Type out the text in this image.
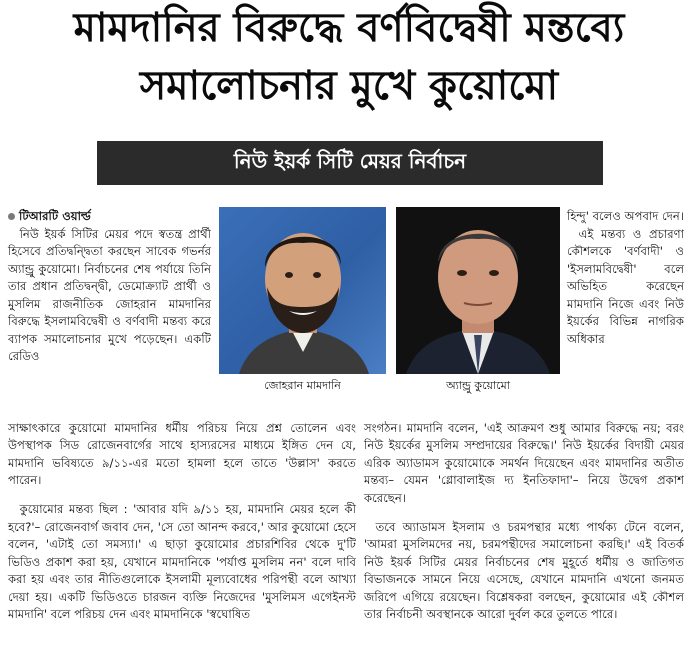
মামদানির বিরুদ্ধে বর্ণবিদ্বেষী মন্তব্যে
সমালোচনার মুখে কুয়োমো
নিউ ইয়র্ক সিটি মেয়র নির্বাচন

টিআরটি ওয়ার্ল্ড

নিউ ইয়র্ক সিটির মেয়র পদে স্বতন্ত্র প্রার্থী হিসেবে প্রতিদ্বন্দ্বিতা করছেন সাবেক গভর্নর অ্যান্ড্রু কুয়োমো। নির্বাচনের শেষ পর্যায়ে তিনি তার প্রধান প্রতিদ্বন্দ্বী, ডেমোক্র্যাট প্রার্থী ও মুসলিম রাজনীতিক জোহরান মামদানির বিরুদ্ধে ইসলামবিদ্বেষী ও বর্ণবাদী মন্তব্য করে ব্যাপক সমালোচনার মুখে পড়েছেন। একটি রেডিও

জোহরান মামদানি	অ্যান্ড্রু কুয়োমো

হিন্দু' বলেও অপবাদ দেন।

এই মন্তব্য ও প্রচারণা কৌশলকে 'বর্ণবাদী' ও 'ইসলামবিদ্বেষী' বলে অভিহিত করেছেন মামদানি নিজে এবং নিউ ইয়র্কের বিভিন্ন নাগরিক অধিকার

সাক্ষাৎকারে কুয়োমো মামদানির ধর্মীয় পরিচয় নিয়ে প্রশ্ন তোলেন এবং উপস্থাপক সিড রোজেনবার্গের সাথে হাস্যরসের মাধ্যমে ইঙ্গিত দেন যে, মামদানি ভবিষ্যতে ৯/১১-এর মতো হামলা হলে তাতে 'উল্লাস' করতে পারেন।

কুয়োমোর মন্তব্য ছিল : 'আবার যদি ৯/১১ হয়, মামদানি মেয়র হলে কী হবে?'– রোজেনবার্গ জবাব দেন, 'সে তো আনন্দ করবে,' আর কুয়োমো হেসে বলেন, 'এটাই তো সমস্যা।' এ ছাড়া কুয়োমোর প্রচারশিবির থেকে দু'টি ভিডিও প্রকাশ করা হয়, যেখানে মামদানিকে 'পর্যাপ্ত মুসলিম নন' বলে দাবি করা হয় এবং তার নীতিগুলোকে ইসলামী মূল্যবোধের পরিপন্থী বলে আখ্যা দেয়া হয়। একটি ভিডিওতে চারজন ব্যক্তি নিজেদের 'মুসলিমস এগেইনস্ট মামদানি' বলে পরিচয় দেন এবং মামদানিকে 'স্বঘোষিত

সংগঠন। মামদানি বলেন, 'এই আক্রমণ শুধু আমার বিরুদ্ধে নয়; বরং নিউ ইয়র্কের মুসলিম সম্প্রদায়ের বিরুদ্ধে।' নিউ ইয়র্কের বিদায়ী মেয়র এরিক অ্যাডামস কুয়োমোকে সমর্থন দিয়েছেন এবং মামদানির অতীত মন্তব্য– যেমন 'গ্লোবালাইজ দ্য ইনতিফাদা'– নিয়ে উদ্বেগ প্রকাশ করেছেন।

তবে অ্যাডামস ইসলাম ও চরমপন্থার মধ্যে পার্থক্য টেনে বলেন, 'আমরা মুসলিমদের নয়, চরমপন্থীদের সমালোচনা করছি।' এই বিতর্ক নিউ ইয়র্ক সিটির মেয়র নির্বাচনের শেষ মুহূর্তে ধর্মীয় ও জাতিগত বিভাজনকে সামনে নিয়ে এসেছে, যেখানে মামদানি এখনো জনমত জরিপে এগিয়ে রয়েছেন। বিশ্লেষকরা বলছেন, কুয়োমোর এই কৌশল তার নির্বাচনী অবস্থানকে আরো দুর্বল করে তুলতে পারে।
